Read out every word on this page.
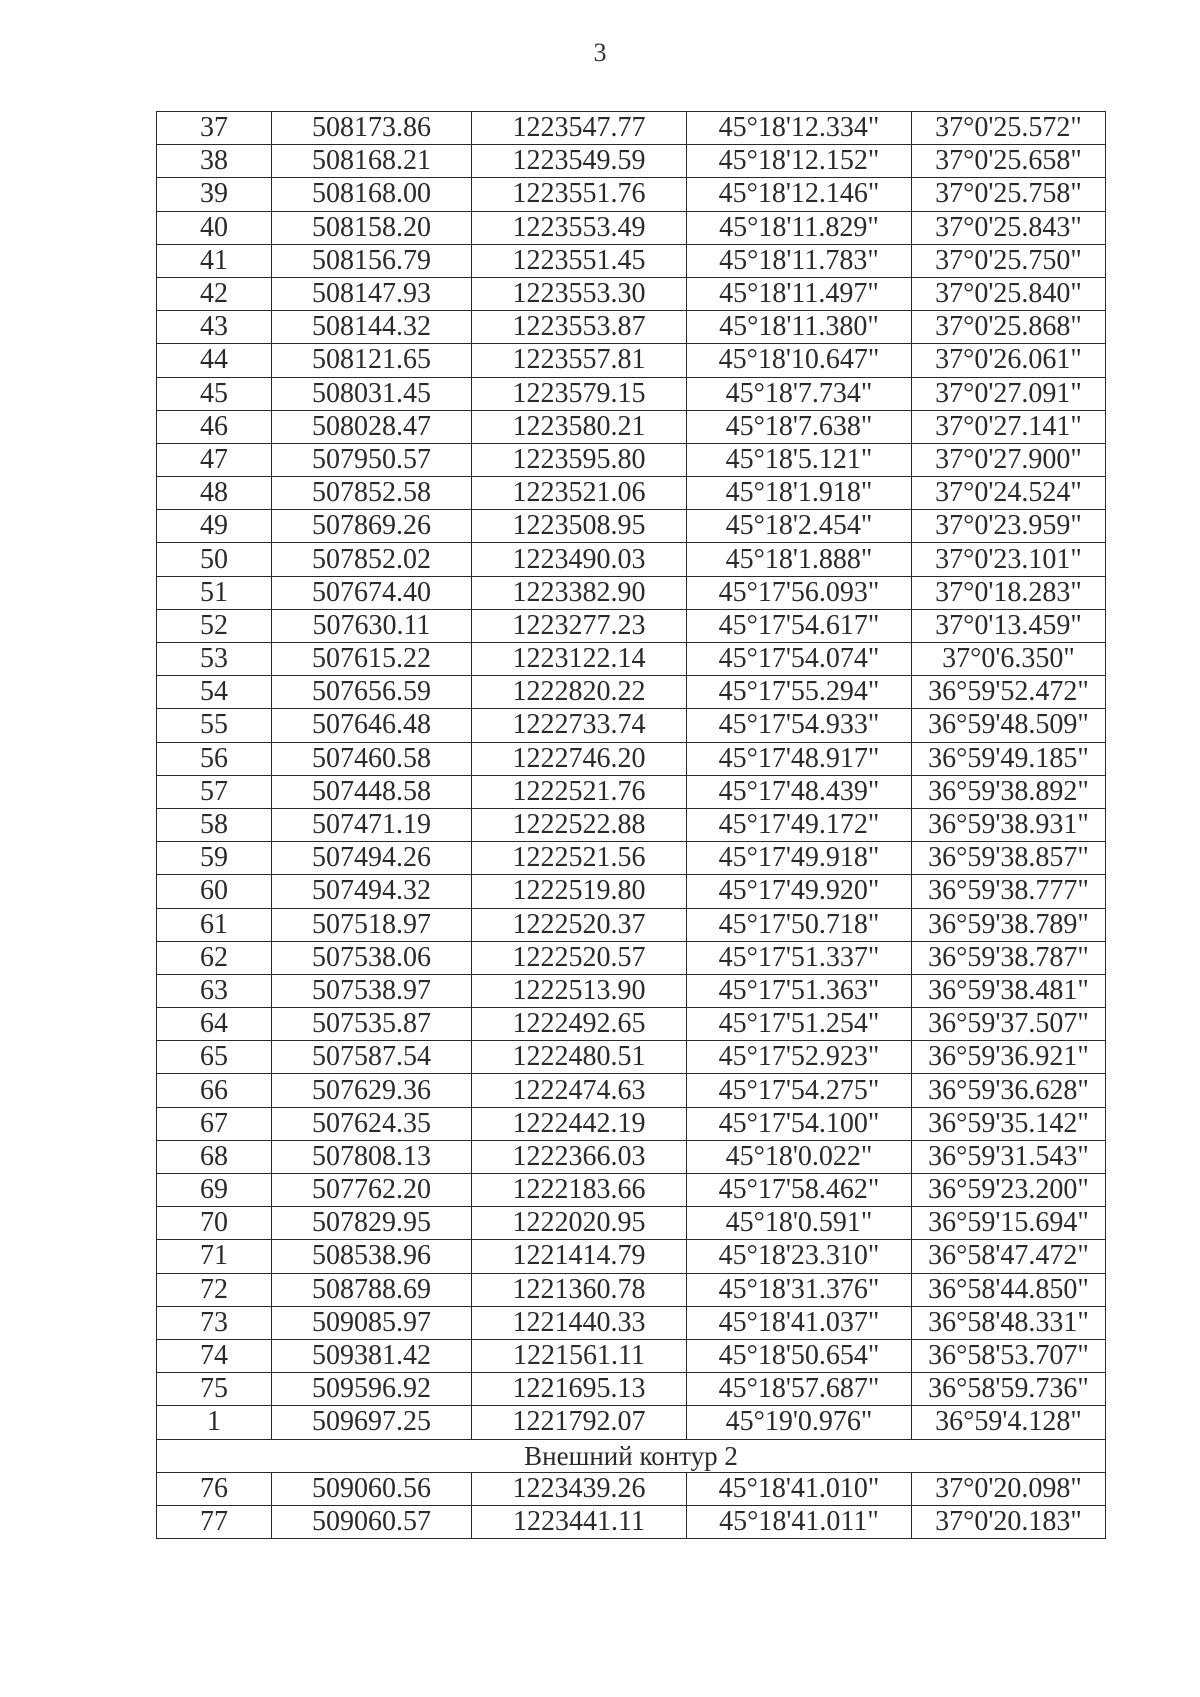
3
37	508173.86	1223547.77	45°18'12.334"	37°0'25.572"
38	508168.21	1223549.59	45°18'12.152"	37°0'25.658"
39	508168.00	1223551.76	45°18'12.146"	37°0'25.758"
40	508158.20	1223553.49	45°18'11.829"	37°0'25.843"
41	508156.79	1223551.45	45°18'11.783"	37°0'25.750"
42	508147.93	1223553.30	45°18'11.497"	37°0'25.840"
43	508144.32	1223553.87	45°18'11.380"	37°0'25.868"
44	508121.65	1223557.81	45°18'10.647"	37°0'26.061"
45	508031.45	1223579.15	45°18'7.734"	37°0'27.091"
46	508028.47	1223580.21	45°18'7.638"	37°0'27.141"
47	507950.57	1223595.80	45°18'5.121"	37°0'27.900"
48	507852.58	1223521.06	45°18'1.918"	37°0'24.524"
49	507869.26	1223508.95	45°18'2.454"	37°0'23.959"
50	507852.02	1223490.03	45°18'1.888"	37°0'23.101"
51	507674.40	1223382.90	45°17'56.093"	37°0'18.283"
52	507630.11	1223277.23	45°17'54.617"	37°0'13.459"
53	507615.22	1223122.14	45°17'54.074"	37°0'6.350"
54	507656.59	1222820.22	45°17'55.294"	36°59'52.472"
55	507646.48	1222733.74	45°17'54.933"	36°59'48.509"
56	507460.58	1222746.20	45°17'48.917"	36°59'49.185"
57	507448.58	1222521.76	45°17'48.439"	36°59'38.892"
58	507471.19	1222522.88	45°17'49.172"	36°59'38.931"
59	507494.26	1222521.56	45°17'49.918"	36°59'38.857"
60	507494.32	1222519.80	45°17'49.920"	36°59'38.777"
61	507518.97	1222520.37	45°17'50.718"	36°59'38.789"
62	507538.06	1222520.57	45°17'51.337"	36°59'38.787"
63	507538.97	1222513.90	45°17'51.363"	36°59'38.481"
64	507535.87	1222492.65	45°17'51.254"	36°59'37.507"
65	507587.54	1222480.51	45°17'52.923"	36°59'36.921"
66	507629.36	1222474.63	45°17'54.275"	36°59'36.628"
67	507624.35	1222442.19	45°17'54.100"	36°59'35.142"
68	507808.13	1222366.03	45°18'0.022"	36°59'31.543"
69	507762.20	1222183.66	45°17'58.462"	36°59'23.200"
70	507829.95	1222020.95	45°18'0.591"	36°59'15.694"
71	508538.96	1221414.79	45°18'23.310"	36°58'47.472"
72	508788.69	1221360.78	45°18'31.376"	36°58'44.850"
73	509085.97	1221440.33	45°18'41.037"	36°58'48.331"
74	509381.42	1221561.11	45°18'50.654"	36°58'53.707"
75	509596.92	1221695.13	45°18'57.687"	36°58'59.736"
1	509697.25	1221792.07	45°19'0.976"	36°59'4.128"
Внешний контур 2				
76	509060.56	1223439.26	45°18'41.010"	37°0'20.098"
77	509060.57	1223441.11	45°18'41.011"	37°0'20.183"
